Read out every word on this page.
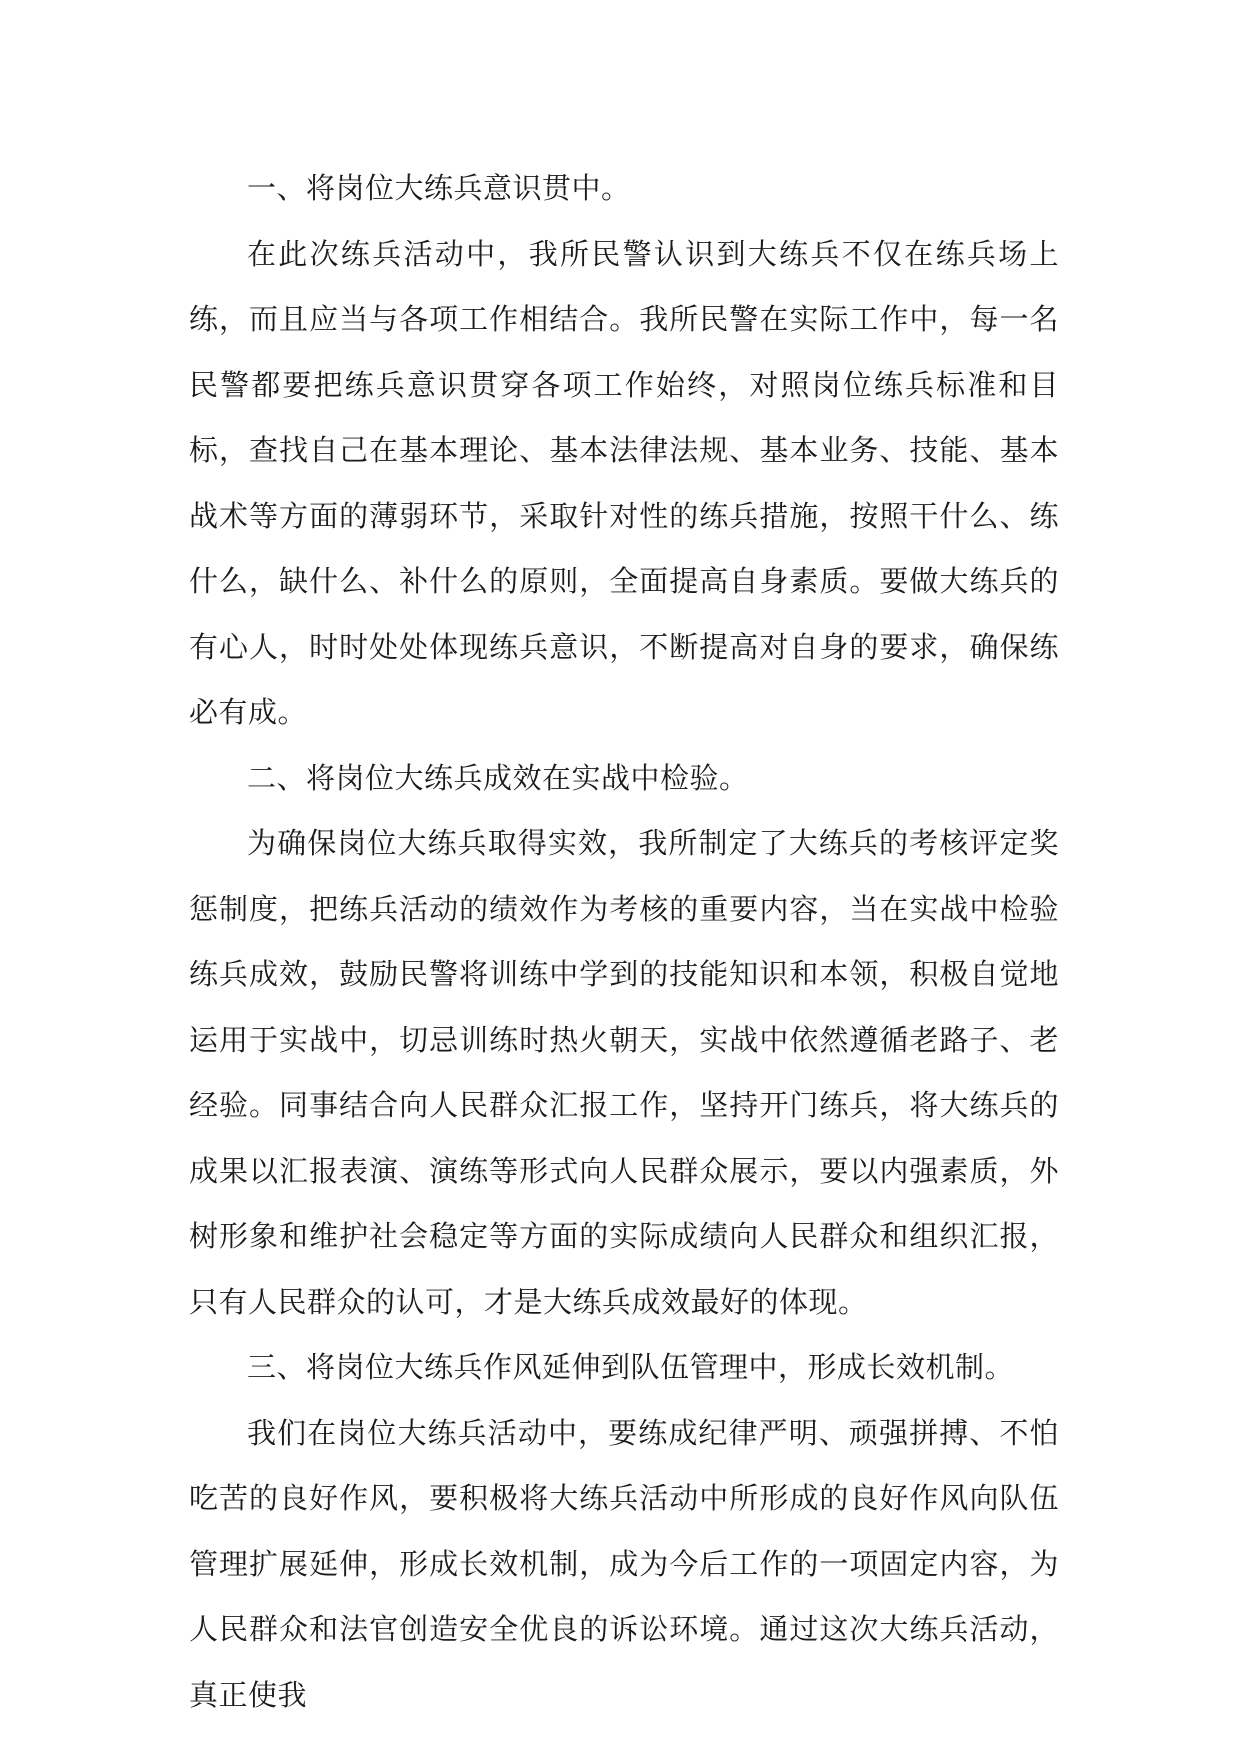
一、将岗位大练兵意识贯中。

在此次练兵活动中，我所民警认识到大练兵不仅在练兵场上练，而且应当与各项工作相结合。我所民警在实际工作中，每一名民警都要把练兵意识贯穿各项工作始终，对照岗位练兵标准和目标，查找自己在基本理论、基本法律法规、基本业务、技能、基本战术等方面的薄弱环节，采取针对性的练兵措施，按照干什么、练什么，缺什么、补什么的原则，全面提高自身素质。要做大练兵的有心人，时时处处体现练兵意识，不断提高对自身的要求，确保练必有成。

二、将岗位大练兵成效在实战中检验。

为确保岗位大练兵取得实效，我所制定了大练兵的考核评定奖惩制度，把练兵活动的绩效作为考核的重要内容，当在实战中检验练兵成效，鼓励民警将训练中学到的技能知识和本领，积极自觉地运用于实战中，切忌训练时热火朝天，实战中依然遵循老路子、老经验。同事结合向人民群众汇报工作，坚持开门练兵，将大练兵的成果以汇报表演、演练等形式向人民群众展示，要以内强素质，外树形象和维护社会稳定等方面的实际成绩向人民群众和组织汇报，只有人民群众的认可，才是大练兵成效最好的体现。

三、将岗位大练兵作风延伸到队伍管理中，形成长效机制。

我们在岗位大练兵活动中，要练成纪律严明、顽强拼搏、不怕吃苦的良好作风，要积极将大练兵活动中所形成的良好作风向队伍管理扩展延伸，形成长效机制，成为今后工作的一项固定内容，为人民群众和法官创造安全优良的诉讼环境。通过这次大练兵活动，真正使我
